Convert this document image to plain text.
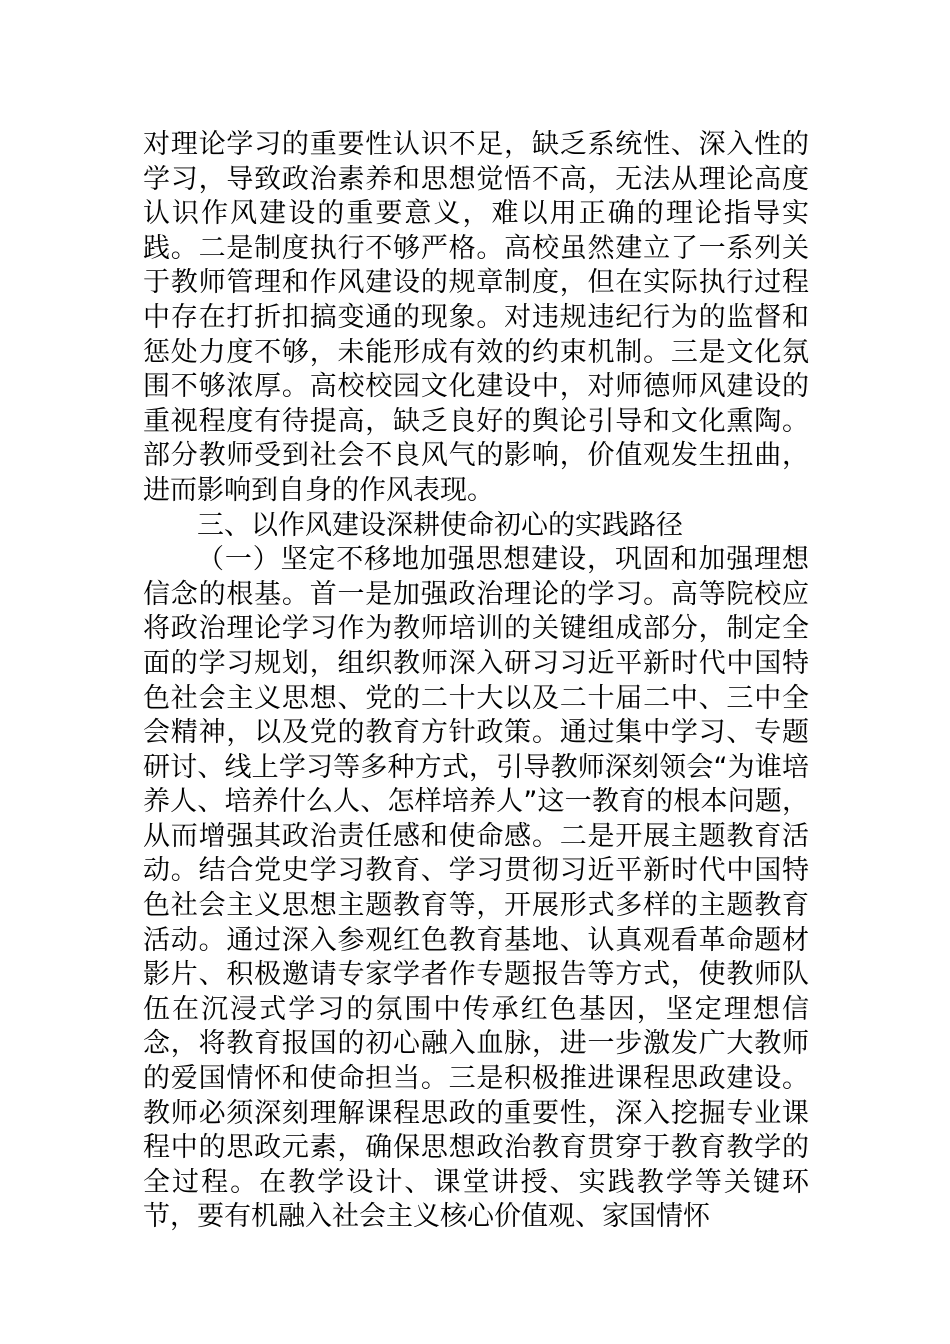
对理论学习的重要性认识不足，缺乏系统性、深入性的学习，导致政治素养和思想觉悟不高，无法从理论高度认识作风建设的重要意义，难以用正确的理论指导实践。二是制度执行不够严格。高校虽然建立了一系列关于教师管理和作风建设的规章制度，但在实际执行过程中存在打折扣搞变通的现象。对违规违纪行为的监督和惩处力度不够，未能形成有效的约束机制。三是文化氛围不够浓厚。高校校园文化建设中，对师德师风建设的重视程度有待提高，缺乏良好的舆论引导和文化熏陶。部分教师受到社会不良风气的影响，价值观发生扭曲，进而影响到自身的作风表现。

三、以作风建设深耕使命初心的实践路径

（一）坚定不移地加强思想建设，巩固和加强理想信念的根基。首一是加强政治理论的学习。高等院校应将政治理论学习作为教师培训的关键组成部分，制定全面的学习规划，组织教师深入研习习近平新时代中国特色社会主义思想、党的二十大以及二十届二中、三中全会精神，以及党的教育方针政策。通过集中学习、专题研讨、线上学习等多种方式，引导教师深刻领会“为谁培养人、培养什么人、怎样培养人”这一教育的根本问题，从而增强其政治责任感和使命感。二是开展主题教育活动。结合党史学习教育、学习贯彻习近平新时代中国特色社会主义思想主题教育等，开展形式多样的主题教育活动。通过深入参观红色教育基地、认真观看革命题材影片、积极邀请专家学者作专题报告等方式，使教师队伍在沉浸式学习的氛围中传承红色基因，坚定理想信念，将教育报国的初心融入血脉，进一步激发广大教师的爱国情怀和使命担当。三是积极推进课程思政建设。教师必须深刻理解课程思政的重要性，深入挖掘专业课程中的思政元素，确保思想政治教育贯穿于教育教学的全过程。在教学设计、课堂讲授、实践教学等关键环节，要有机融入社会主义核心价值观、家国情怀
